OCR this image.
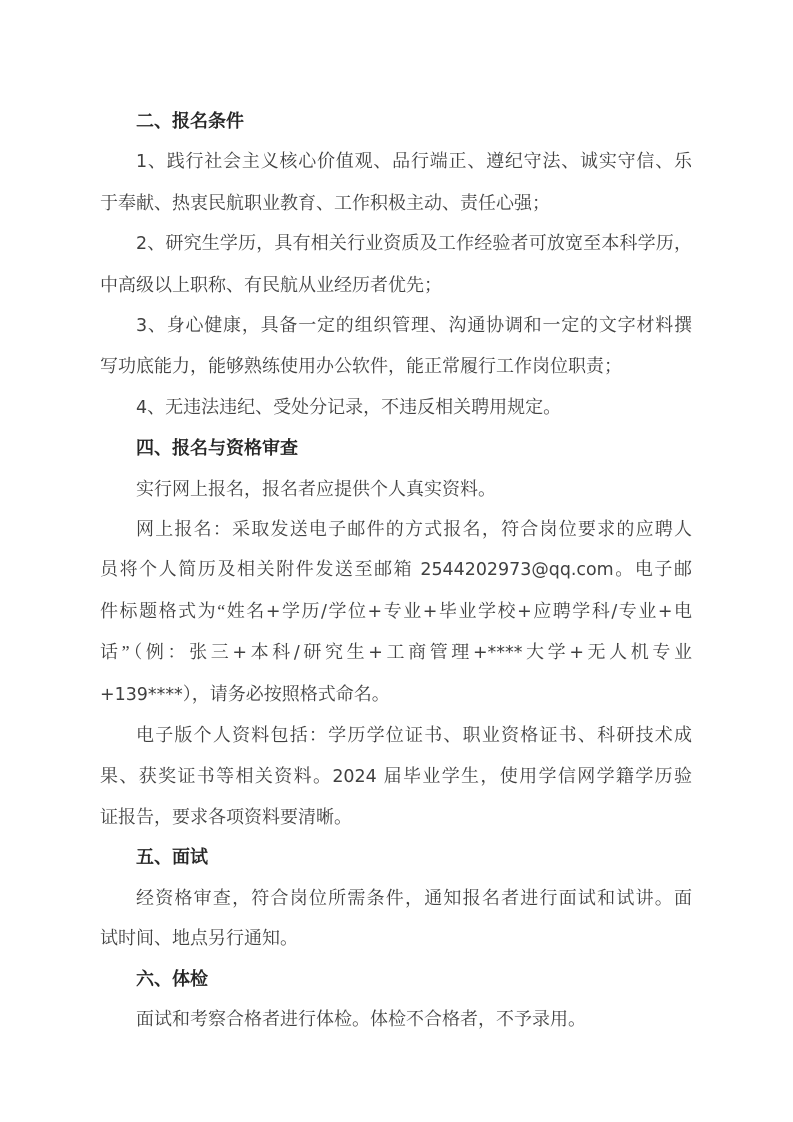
二、报名条件
1、践行社会主义核心价值观、品行端正、遵纪守法、诚实守信、乐
于奉献、热衷民航职业教育、工作积极主动、责任心强；
2、研究生学历，具有相关行业资质及工作经验者可放宽至本科学历，
中高级以上职称、有民航从业经历者优先；
3、身心健康，具备一定的组织管理、沟通协调和一定的文字材料撰
写功底能力，能够熟练使用办公软件，能正常履行工作岗位职责；
4、无违法违纪、受处分记录，不违反相关聘用规定。
四、报名与资格审查
实行网上报名，报名者应提供个人真实资料。
网上报名：采取发送电子邮件的方式报名，符合岗位要求的应聘人
员将个人简历及相关附件发送至邮箱 2544202973@qq.com。电子邮
件标题格式为“姓名+学历/学位+专业+毕业学校+应聘学科/专业+电
话”（例：张三+本科/研究生+工商管理+****大学+无人机专业
+139****），请务必按照格式命名。
电子版个人资料包括：学历学位证书、职业资格证书、科研技术成
果、获奖证书等相关资料。2024 届毕业学生，使用学信网学籍学历验
证报告，要求各项资料要清晰。
五、面试
经资格审查，符合岗位所需条件，通知报名者进行面试和试讲。面
试时间、地点另行通知。
六、体检
面试和考察合格者进行体检。体检不合格者，不予录用。
